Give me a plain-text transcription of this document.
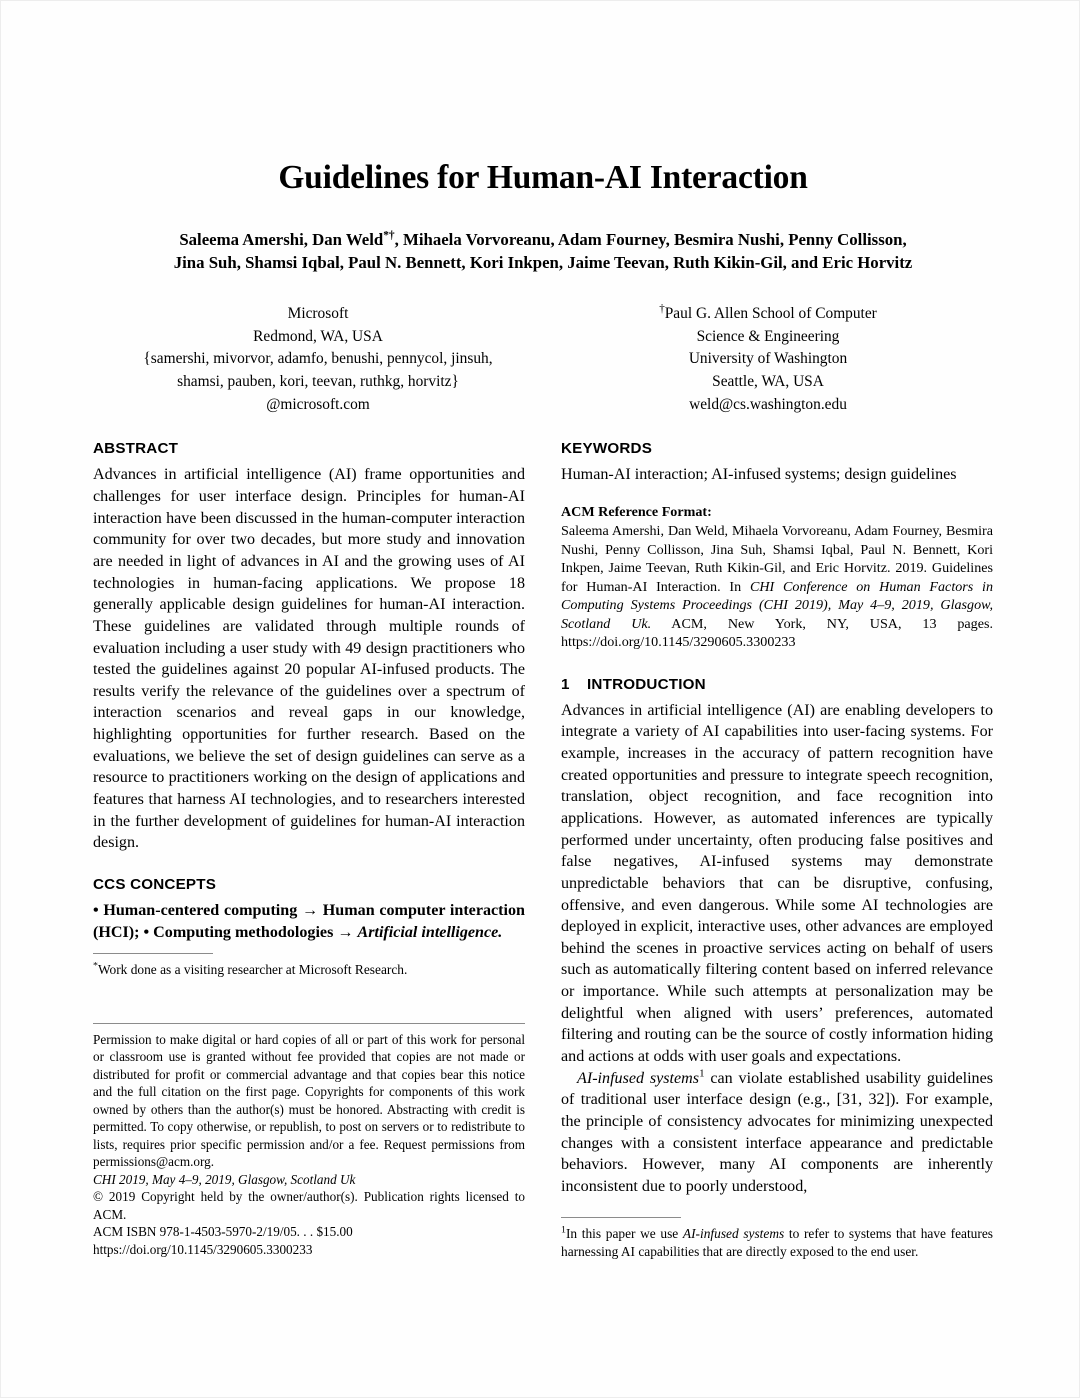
Guidelines for Human-AI Interaction
Saleema Amershi, Dan Weld*†, Mihaela Vorvoreanu, Adam Fourney, Besmira Nushi, Penny Collisson,
Jina Suh, Shamsi Iqbal, Paul N. Bennett, Kori Inkpen, Jaime Teevan, Ruth Kikin-Gil, and Eric Horvitz
Microsoft
Redmond, WA, USA
{samershi, mivorvor, adamfo, benushi, pennycol, jinsuh,
shamsi, pauben, kori, teevan, ruthkg, horvitz}
@microsoft.com
†Paul G. Allen School of Computer
Science & Engineering
University of Washington
Seattle, WA, USA
weld@cs.washington.edu
ABSTRACT

Advances in artificial intelligence (AI) frame opportunities and challenges for user interface design. Principles for human-AI interaction have been discussed in the human-computer interaction community for over two decades, but more study and innovation are needed in light of advances in AI and the growing uses of AI technologies in human-facing applications. We propose 18 generally applicable design guidelines for human-AI interaction. These guidelines are validated through multiple rounds of evaluation including a user study with 49 design practitioners who tested the guidelines against 20 popular AI-infused products. The results verify the relevance of the guidelines over a spectrum of interaction scenarios and reveal gaps in our knowledge, highlighting opportunities for further research. Based on the evaluations, we believe the set of design guidelines can serve as a resource to practitioners working on the design of applications and features that harness AI technologies, and to researchers interested in the further development of guidelines for human-AI interaction design.

CCS CONCEPTS

• Human-centered computing → Human computer interaction (HCI); • Computing methodologies → Artificial intelligence.

KEYWORDS

Human-AI interaction; AI-infused systems; design guidelines

ACM Reference Format:

Saleema Amershi, Dan Weld, Mihaela Vorvoreanu, Adam Fourney, Besmira Nushi, Penny Collisson, Jina Suh, Shamsi Iqbal, Paul N. Bennett, Kori Inkpen, Jaime Teevan, Ruth Kikin-Gil, and Eric Horvitz. 2019. Guidelines for Human-AI Interaction. In CHI Conference on Human Factors in Computing Systems Proceedings (CHI 2019), May 4–9, 2019, Glasgow, Scotland Uk. ACM, New York, NY, USA, 13 pages. https://doi.org/10.1145/3290605.3300233

1 INTRODUCTION

Advances in artificial intelligence (AI) are enabling developers to integrate a variety of AI capabilities into user-facing systems. For example, increases in the accuracy of pattern recognition have created opportunities and pressure to integrate speech recognition, translation, object recognition, and face recognition into applications. However, as automated inferences are typically performed under uncertainty, often producing false positives and false negatives, AI-infused systems may demonstrate unpredictable behaviors that can be disruptive, confusing, offensive, and even dangerous. While some AI technologies are deployed in explicit, interactive uses, other advances are employed behind the scenes in proactive services acting on behalf of users such as automatically filtering content based on inferred relevance or importance. While such attempts at personalization may be delightful when aligned with users’ preferences, automated filtering and routing can be the source of costly information hiding and actions at odds with user goals and expectations.

AI-infused systems$^1$ can violate established usability guidelines of traditional user interface design (e.g., [31, 32]). For example, the principle of consistency advocates for minimizing unexpected changes with a consistent interface appearance and predictable behaviors. However, many AI components are inherently inconsistent due to poorly understood,

*Work done as a visiting researcher at Microsoft Research.

Permission to make digital or hard copies of all or part of this work for personal or classroom use is granted without fee provided that copies are not made or distributed for profit or commercial advantage and that copies bear this notice and the full citation on the first page. Copyrights for components of this work owned by others than the author(s) must be honored. Abstracting with credit is permitted. To copy otherwise, or republish, to post on servers or to redistribute to lists, requires prior specific permission and/or a fee. Request permissions from permissions@acm.org.

CHI 2019, May 4–9, 2019, Glasgow, Scotland Uk

© 2019 Copyright held by the owner/author(s). Publication rights licensed to ACM.

ACM ISBN 978-1-4503-5970-2/19/05. . . $15.00

https://doi.org/10.1145/3290605.3300233

$^1$In this paper we use AI-infused systems to refer to systems that have features harnessing AI capabilities that are directly exposed to the end user.
